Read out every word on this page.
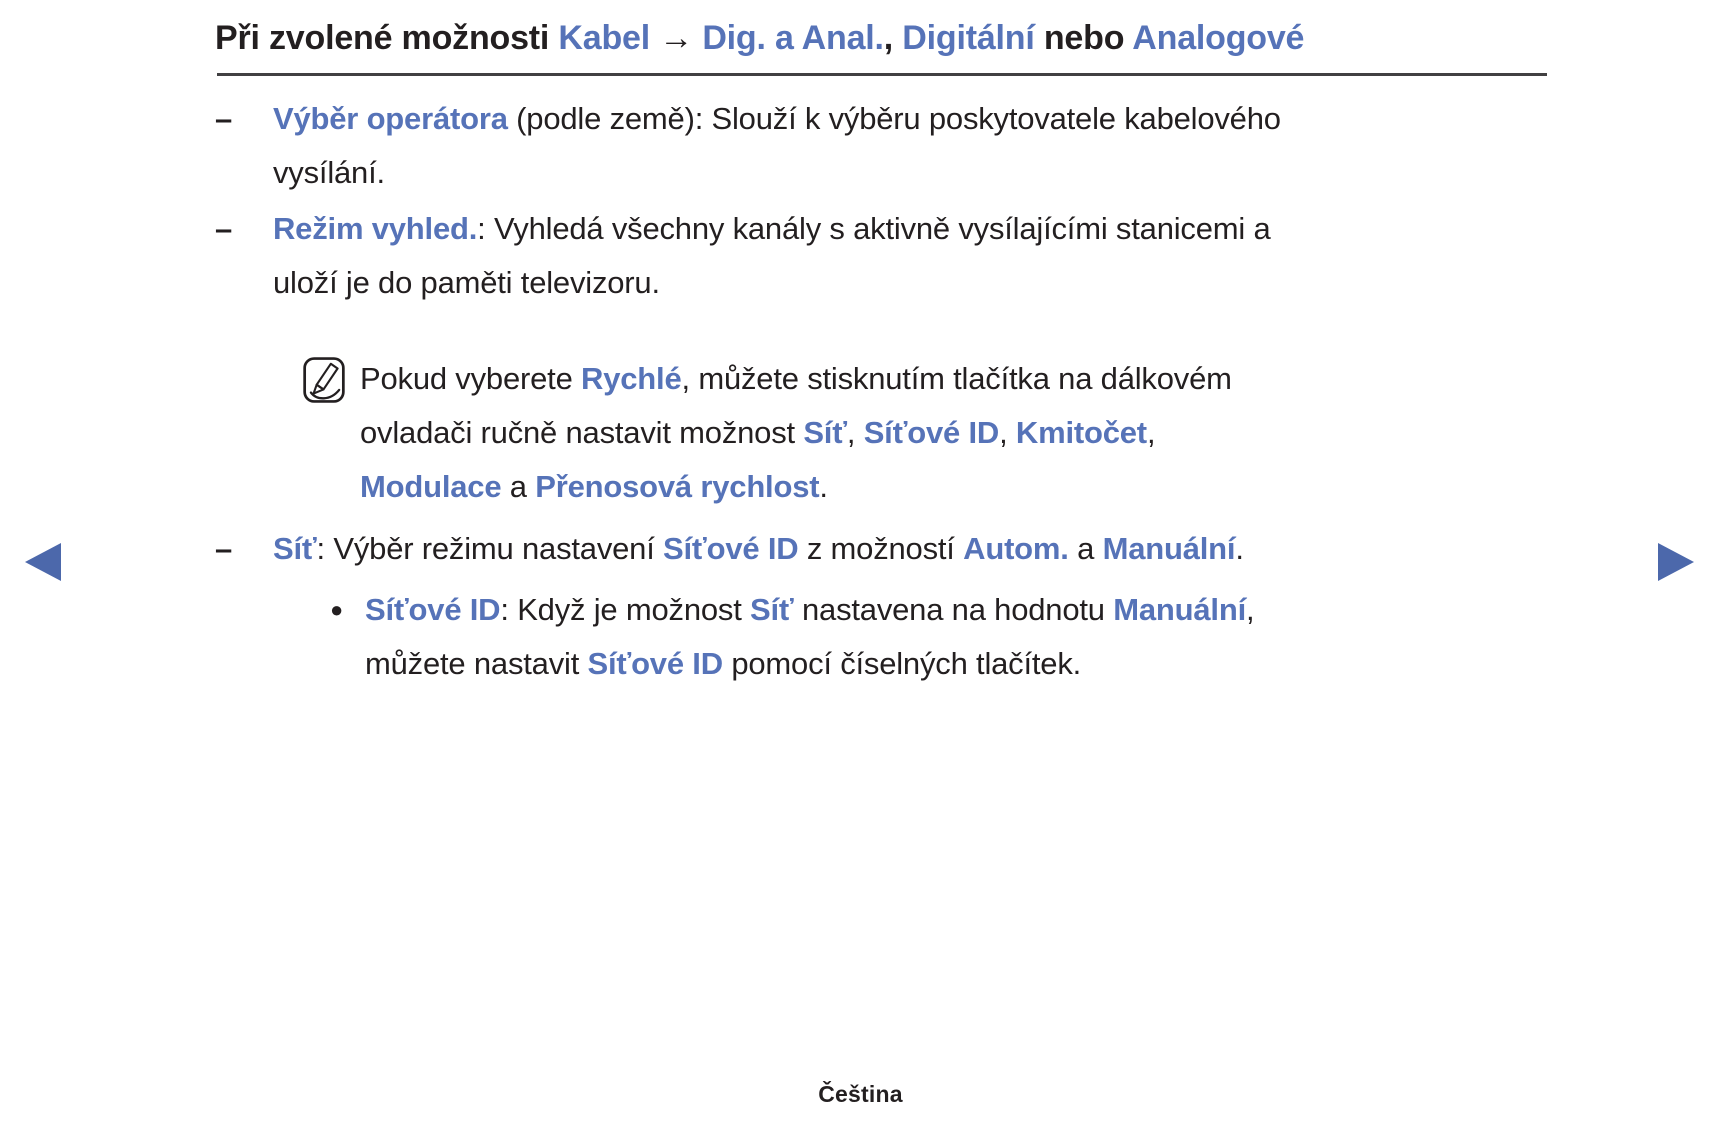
Při zvolené možnosti Kabel → Dig. a Anal., Digitální nebo Analogové
–	Výběr operátora (podle země): Slouží k výběru poskytovatele kabelového
vysílání.
–	Režim vyhled.: Vyhledá všechny kanály s aktivně vysílajícími stanicemi a
uloží je do paměti televizoru.
Pokud vyberete Rychlé, můžete stisknutím tlačítka na dálkovém
ovladači ručně nastavit možnost Síť, Síťové ID, Kmitočet,
Modulace a Přenosová rychlost.
–	Síť: Výběr režimu nastavení Síťové ID z možností Autom. a Manuální.
● Síťové ID: Když je možnost Síť nastavena na hodnotu Manuální,
můžete nastavit Síťové ID pomocí číselných tlačítek.
Čeština
